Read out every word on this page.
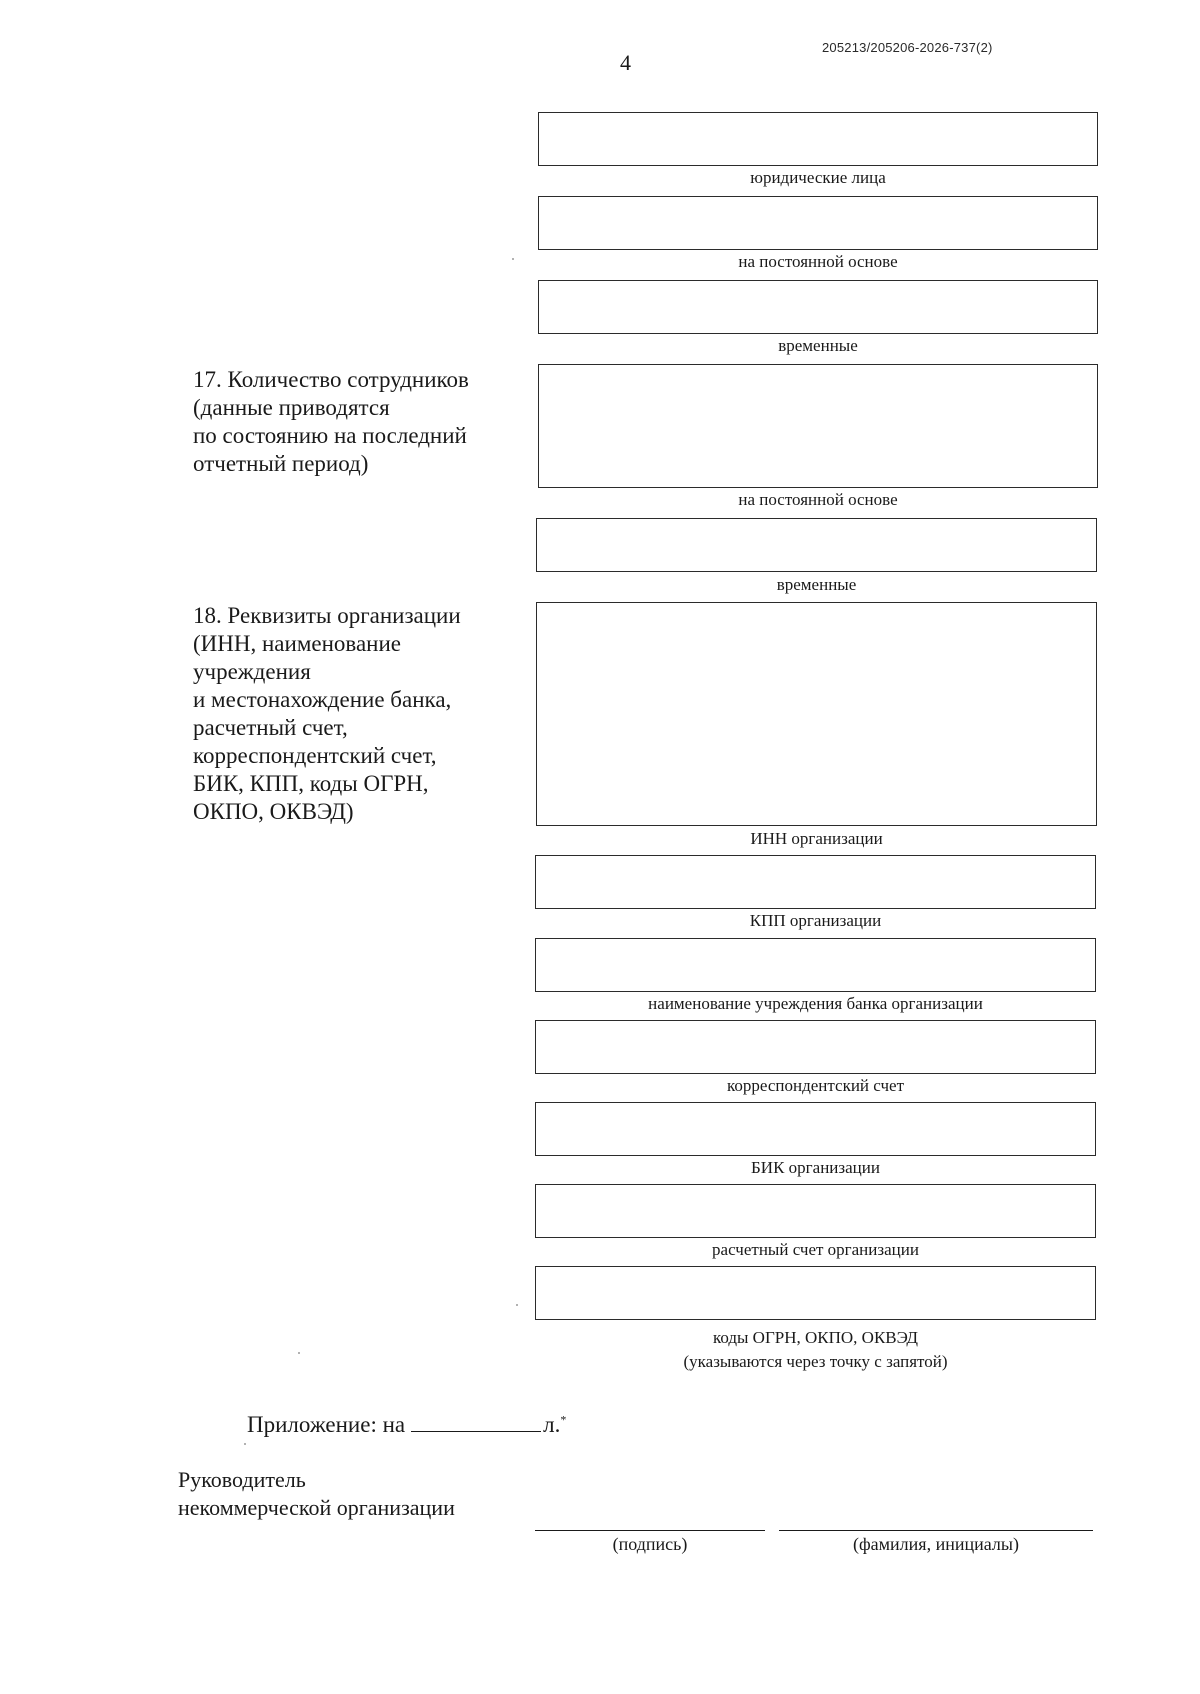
4
205213/205206-2026-737(2)
юридические лица
на постоянной основе
временные
17. Количество сотрудников
(данные приводятся
по состоянию на последний
отчетный период)
на постоянной основе
временные
18. Реквизиты организации
(ИНН, наименование
учреждения
и местонахождение банка,
расчетный счет,
корреспондентский счет,
БИК, КПП, коды ОГРН,
ОКПО, ОКВЭД)
ИНН организации
КПП организации
наименование учреждения банка организации
корреспондентский счет
БИК организации
расчетный счет организации
коды ОГРН, ОКПО, ОКВЭД
(указываются через точку с запятой)
Приложение: на	л.*
Руководитель
некоммерческой организации
(подпись)	(фамилия, инициалы)
